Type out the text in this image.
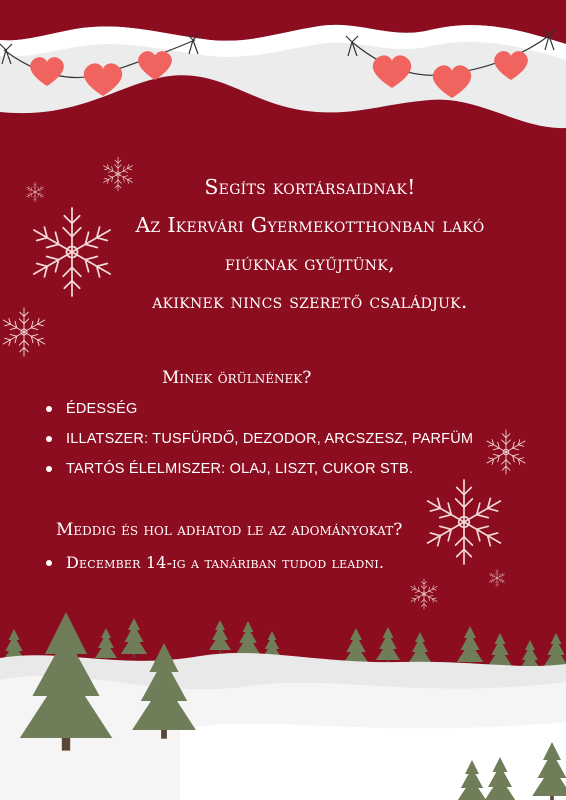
Segíts kortársaidnak!
Az Ikervári Gyermekotthonban lakó
fiúknak gyűjtünk,
akiknek nincs szerető családjuk.
Minek örülnének?
ÉDESSÉG
ILLATSZER: TUSFÜRDŐ, DEZODOR, ARCSZESZ, PARFÜM
TARTÓS ÉLELMISZER: OLAJ, LISZT, CUKOR STB.
Meddig és hol adhatod le az adományokat?
December 14-ig a tanáriban tudod leadni.
